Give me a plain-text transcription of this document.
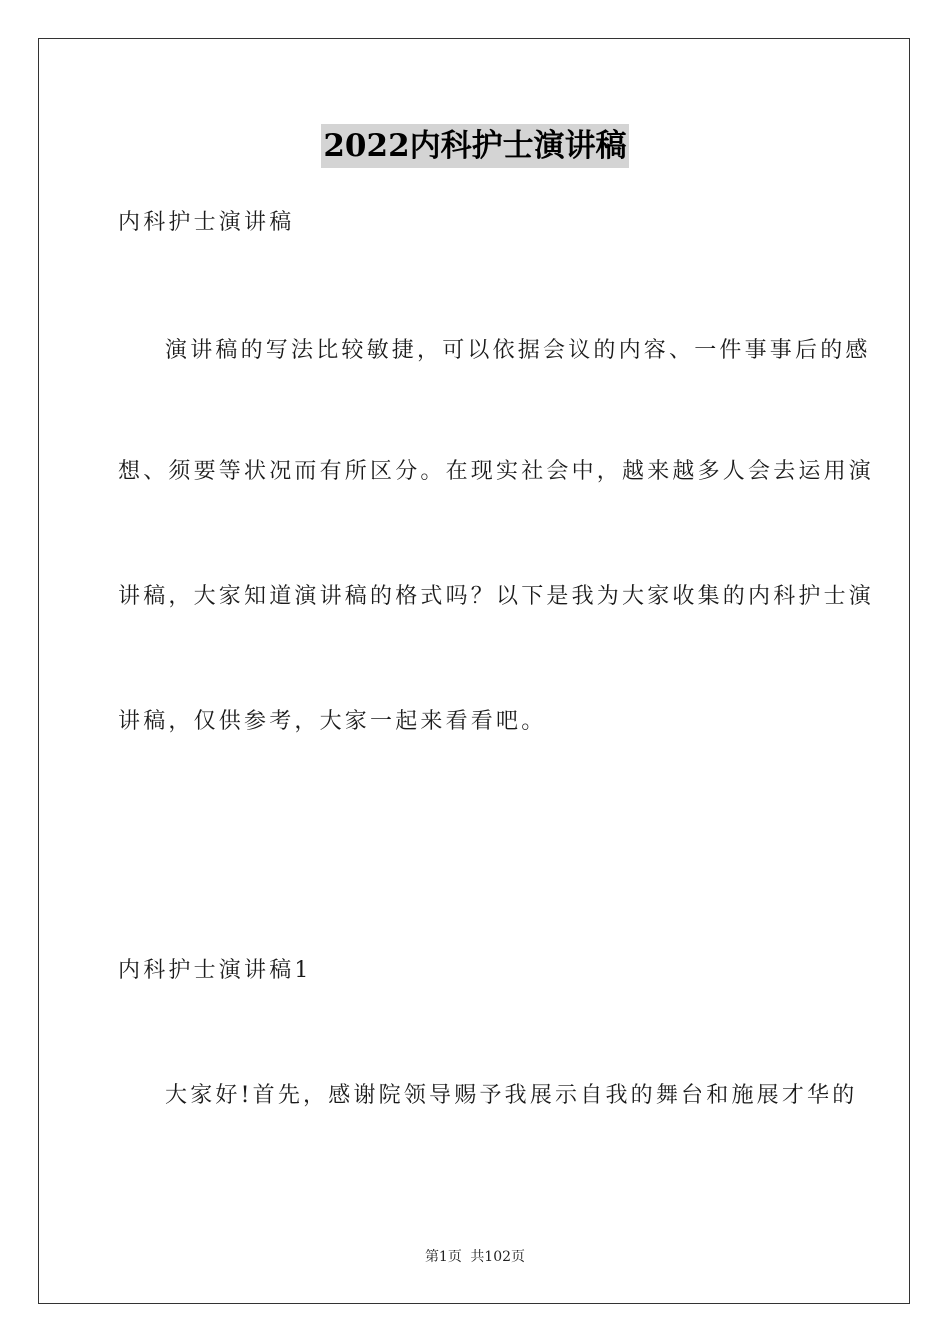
2022内科护士演讲稿
内科护士演讲稿
演讲稿的写法比较敏捷，可以依据会议的内容、一件事事后的感
想、须要等状况而有所区分。在现实社会中，越来越多人会去运用演
讲稿，大家知道演讲稿的格式吗？以下是我为大家收集的内科护士演
讲稿，仅供参考，大家一起来看看吧。
内科护士演讲稿1
大家好!首先，感谢院领导赐予我展示自我的舞台和施展才华的
第1页 共102页
